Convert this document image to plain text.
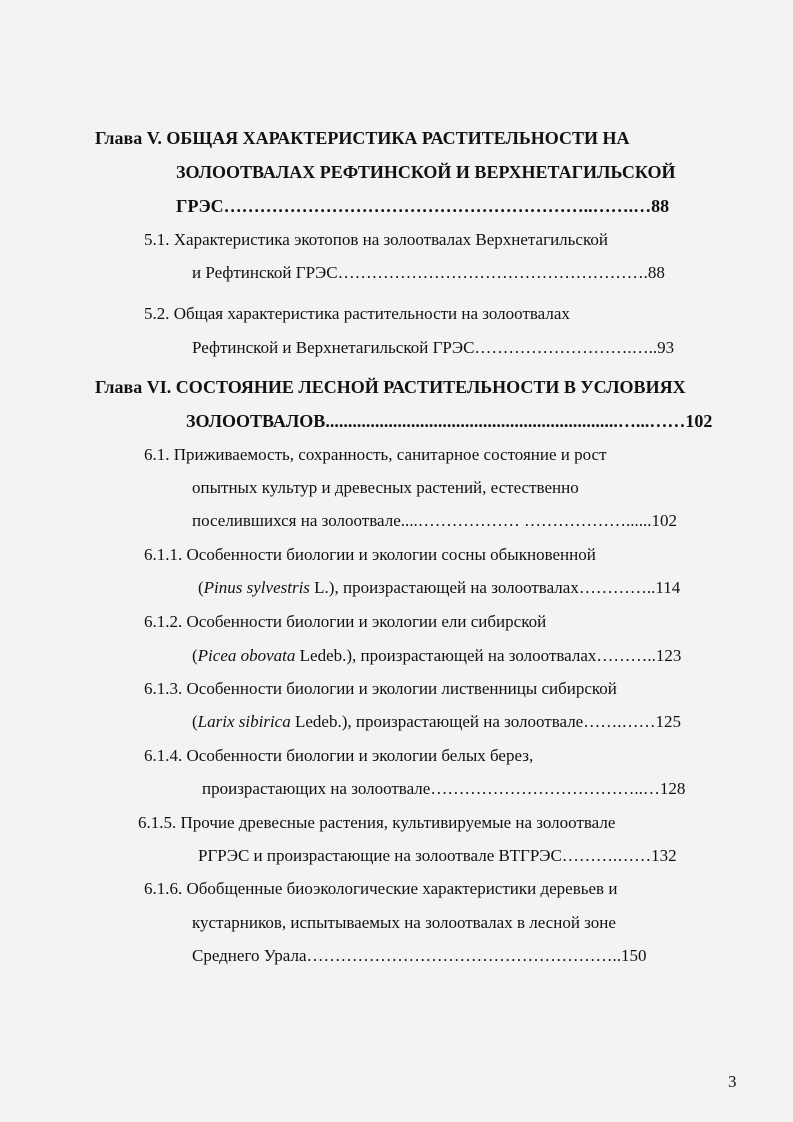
Глава V. ОБЩАЯ ХАРАКТЕРИСТИКА РАСТИТЕЛЬНОСТИ НА
ЗОЛООТВАЛАХ РЕФТИНСКОЙ И ВЕРХНЕТАГИЛЬСКОЙ
ГРЭС……………………………………………………..…….…88
5.1. Характеристика экотопов на золоотвалах Верхнетагильской
и Рефтинской ГРЭС……………………………………………….88
5.2. Общая характеристика растительности на золоотвалах
Рефтинской и Верхнетагильской ГРЭС……………………….…..93
Глава VI. СОСТОЯНИЕ ЛЕСНОЙ РАСТИТЕЛЬНОСТИ В УСЛОВИЯХ
ЗОЛООТВАЛОВ.................................................................…...……102
6.1. Приживаемость, сохранность, санитарное состояние и рост
опытных культур и древесных растений, естественно
поселившихся на золоотвале....……………… ………………......102
6.1.1. Особенности биологии и экологии сосны обыкновенной
(Pinus sylvestris L.), произрастающей на золоотвалах…………..114
6.1.2. Особенности биологии и экологии ели сибирской
(Picea obovata Ledeb.), произрастающей на золоотвалах………..123
6.1.3. Особенности биологии и экологии лиственницы сибирской
(Larix sibirica Ledeb.), произрастающей на золоотвале…….……125
6.1.4. Особенности биологии и экологии белых берез,
произрастающих на золоотвале………………………………..…128
6.1.5. Прочие древесные растения, культивируемые на золоотвале
РГРЭС и произрастающие на золоотвале ВТГРЭС……….……132
6.1.6. Обобщенные биоэкологические характеристики деревьев и
кустарников, испытываемых на золоотвалах в лесной зоне
Среднего Урала………………………………………………..150
3
